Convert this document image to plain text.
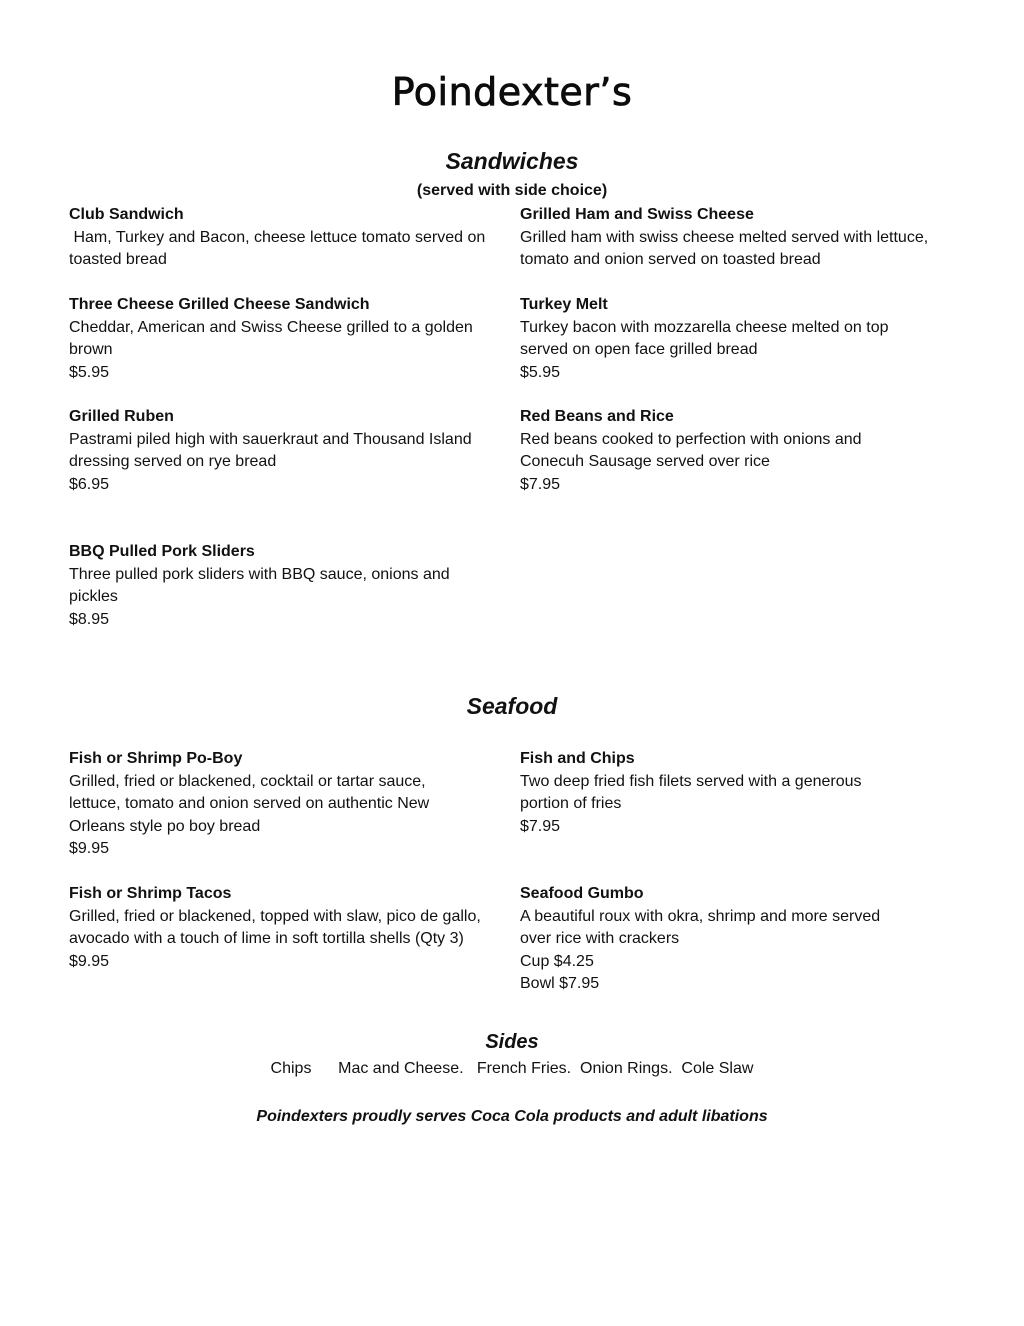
Poindexter’s
Sandwiches
(served with side choice)
Club Sandwich
Ham, Turkey and Bacon, cheese lettuce tomato served on toasted bread
Grilled Ham and Swiss Cheese
Grilled ham with swiss cheese melted served with lettuce, tomato and onion served on toasted bread
Three Cheese Grilled Cheese Sandwich
Cheddar, American and Swiss Cheese grilled to a golden brown
$5.95
Turkey Melt
Turkey bacon with mozzarella cheese melted on top served on open face grilled bread
$5.95
Grilled Ruben
Pastrami piled high with sauerkraut and Thousand Island dressing served on rye bread
$6.95
Red Beans and Rice
Red beans cooked to perfection with onions and Conecuh Sausage served over rice
$7.95
BBQ Pulled Pork Sliders
Three pulled pork sliders with BBQ sauce, onions and pickles
$8.95
Seafood
Fish or Shrimp Po-Boy
Grilled, fried or blackened, cocktail or tartar sauce, lettuce, tomato and onion served on authentic New Orleans style po boy bread
$9.95
Fish and Chips
Two deep fried fish filets served with a generous portion of fries
$7.95
Fish or Shrimp Tacos
Grilled, fried or blackened, topped with slaw, pico de gallo, avocado with a touch of lime in soft tortilla shells (Qty 3)
$9.95
Seafood Gumbo
A beautiful roux with okra, shrimp and more served over rice with crackers
Cup $4.25
Bowl $7.95
Sides
Chips Mac and Cheese. French Fries. Onion Rings. Cole Slaw
Poindexters proudly serves Coca Cola products and adult libations
